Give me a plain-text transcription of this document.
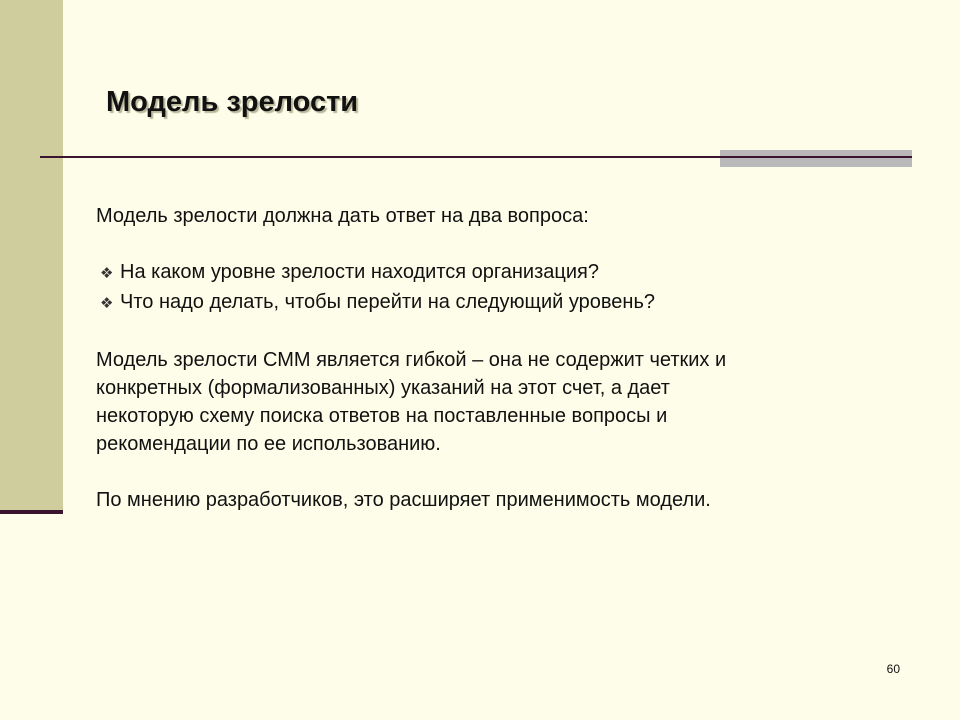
Модель зрелости

Модель зрелости должна дать ответ на два вопроса:

❖ На каком уровне зрелости находится организация?
❖ Что надо делать, чтобы перейти на следующий уровень?

Модель зрелости СММ является гибкой – она не содержит четких и

конкретных (формализованных) указаний на этот счет, а дает

некоторую схему поиска ответов на поставленные вопросы и

рекомендации по ее использованию.

По мнению разработчиков, это расширяет применимость модели.

60
